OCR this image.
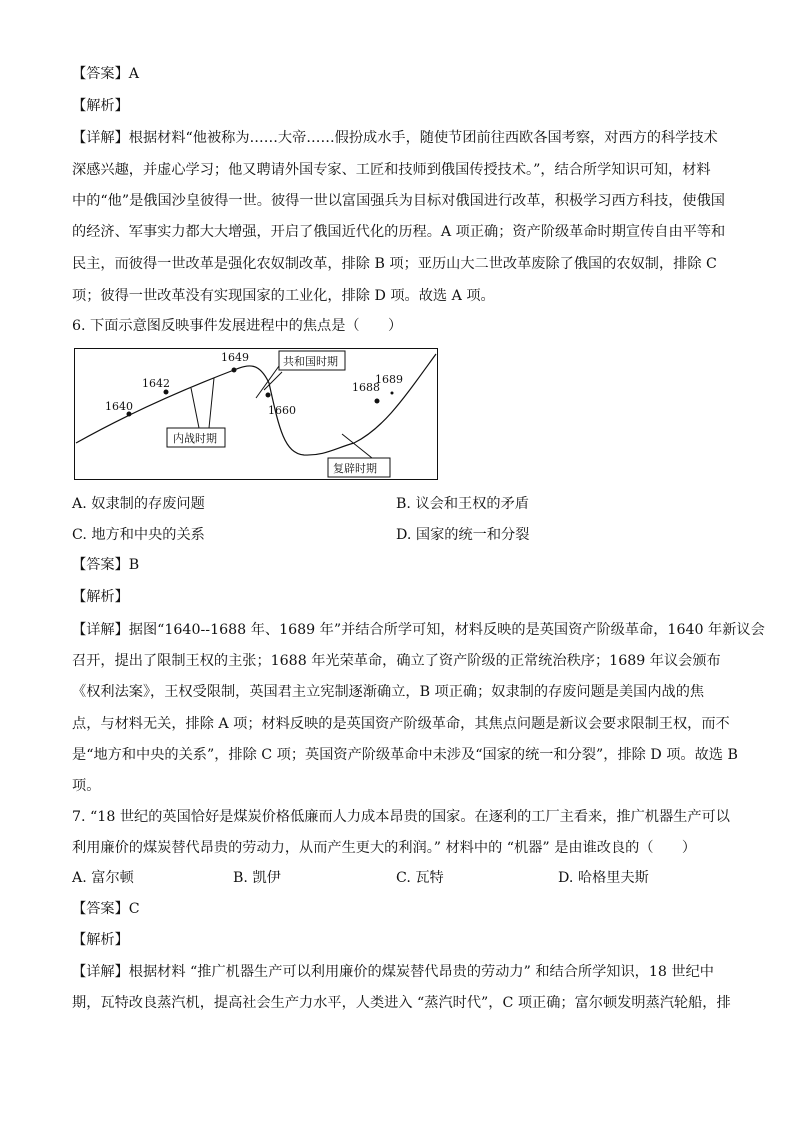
【答案】A
【解析】
【详解】根据材料“他被称为……大帝……假扮成水手，随使节团前往西欧各国考察，对西方的科学技术
深感兴趣，并虚心学习；他又聘请外国专家、工匠和技师到俄国传授技术。”，结合所学知识可知，材料
中的“他”是俄国沙皇彼得一世。彼得一世以富国强兵为目标对俄国进行改革，积极学习西方科技，使俄国
的经济、军事实力都大大增强，开启了俄国近代化的历程。A 项正确；资产阶级革命时期宣传自由平等和
民主，而彼得一世改革是强化农奴制改革，排除 B 项；亚历山大二世改革废除了俄国的农奴制，排除 C
项；彼得一世改革没有实现国家的工业化，排除 D 项。故选 A 项。
6. 下面示意图反映事件发展进程中的焦点是（　　）
1640
1642
1649
1660
1688
1689
内战时期
共和国时期
复辟时期
A. 奴隶制的存废问题	B. 议会和王权的矛盾
C. 地方和中央的关系	D. 国家的统一和分裂
【答案】B
【解析】
【详解】据图“1640--1688 年、1689 年”并结合所学可知，材料反映的是英国资产阶级革命，1640 年新议会
召开，提出了限制王权的主张；1688 年光荣革命，确立了资产阶级的正常统治秩序；1689 年议会颁布
《权利法案》，王权受限制，英国君主立宪制逐渐确立，B 项正确；奴隶制的存废问题是美国内战的焦
点，与材料无关，排除 A 项；材料反映的是英国资产阶级革命，其焦点问题是新议会要求限制王权，而不
是“地方和中央的关系”，排除 C 项；英国资产阶级革命中未涉及“国家的统一和分裂”，排除 D 项。故选 B
项。
7. “18 世纪的英国恰好是煤炭价格低廉而人力成本昂贵的国家。在逐利的工厂主看来，推广机器生产可以
利用廉价的煤炭替代昂贵的劳动力，从而产生更大的利润。” 材料中的 “机器” 是由谁改良的（　　）
A. 富尔顿	B. 凯伊	C. 瓦特	D. 哈格里夫斯
【答案】C
【解析】
【详解】根据材料 “推广机器生产可以利用廉价的煤炭替代昂贵的劳动力” 和结合所学知识，18 世纪中
期，瓦特改良蒸汽机，提高社会生产力水平，人类进入 “蒸汽时代”，C 项正确；富尔顿发明蒸汽轮船，排
